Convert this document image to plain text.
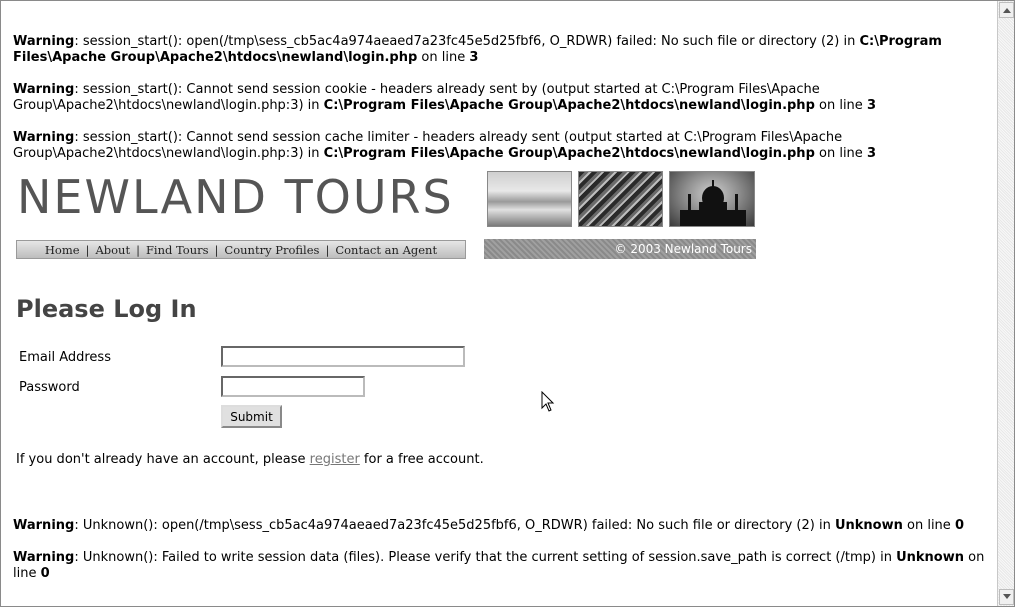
Warning: session_start(): open(/tmp\sess_cb5ac4a974aeaed7a23fc45e5d25fbf6, O_RDWR) failed: No such file or directory (2) in C:\Program Files\Apache Group\Apache2\htdocs\newland\login.php on line 3
Warning: session_start(): Cannot send session cookie - headers already sent by (output started at C:\Program Files\Apache Group\Apache2\htdocs\newland\login.php:3) in C:\Program Files\Apache Group\Apache2\htdocs\newland\login.php on line 3
Warning: session_start(): Cannot send session cache limiter - headers already sent (output started at C:\Program Files\Apache Group\Apache2\htdocs\newland\login.php:3) in C:\Program Files\Apache Group\Apache2\htdocs\newland\login.php on line 3
NEWLAND TOURS
Home | About | Find Tours | Country Profiles | Contact an Agent	© 2003 Newland Tours
Please Log In
Email Address
Password
Submit
If you don't already have an account, please register for a free account.
Warning: Unknown(): open(/tmp\sess_cb5ac4a974aeaed7a23fc45e5d25fbf6, O_RDWR) failed: No such file or directory (2) in Unknown on line 0
Warning: Unknown(): Failed to write session data (files). Please verify that the current setting of session.save_path is correct (/tmp) in Unknown on line 0
